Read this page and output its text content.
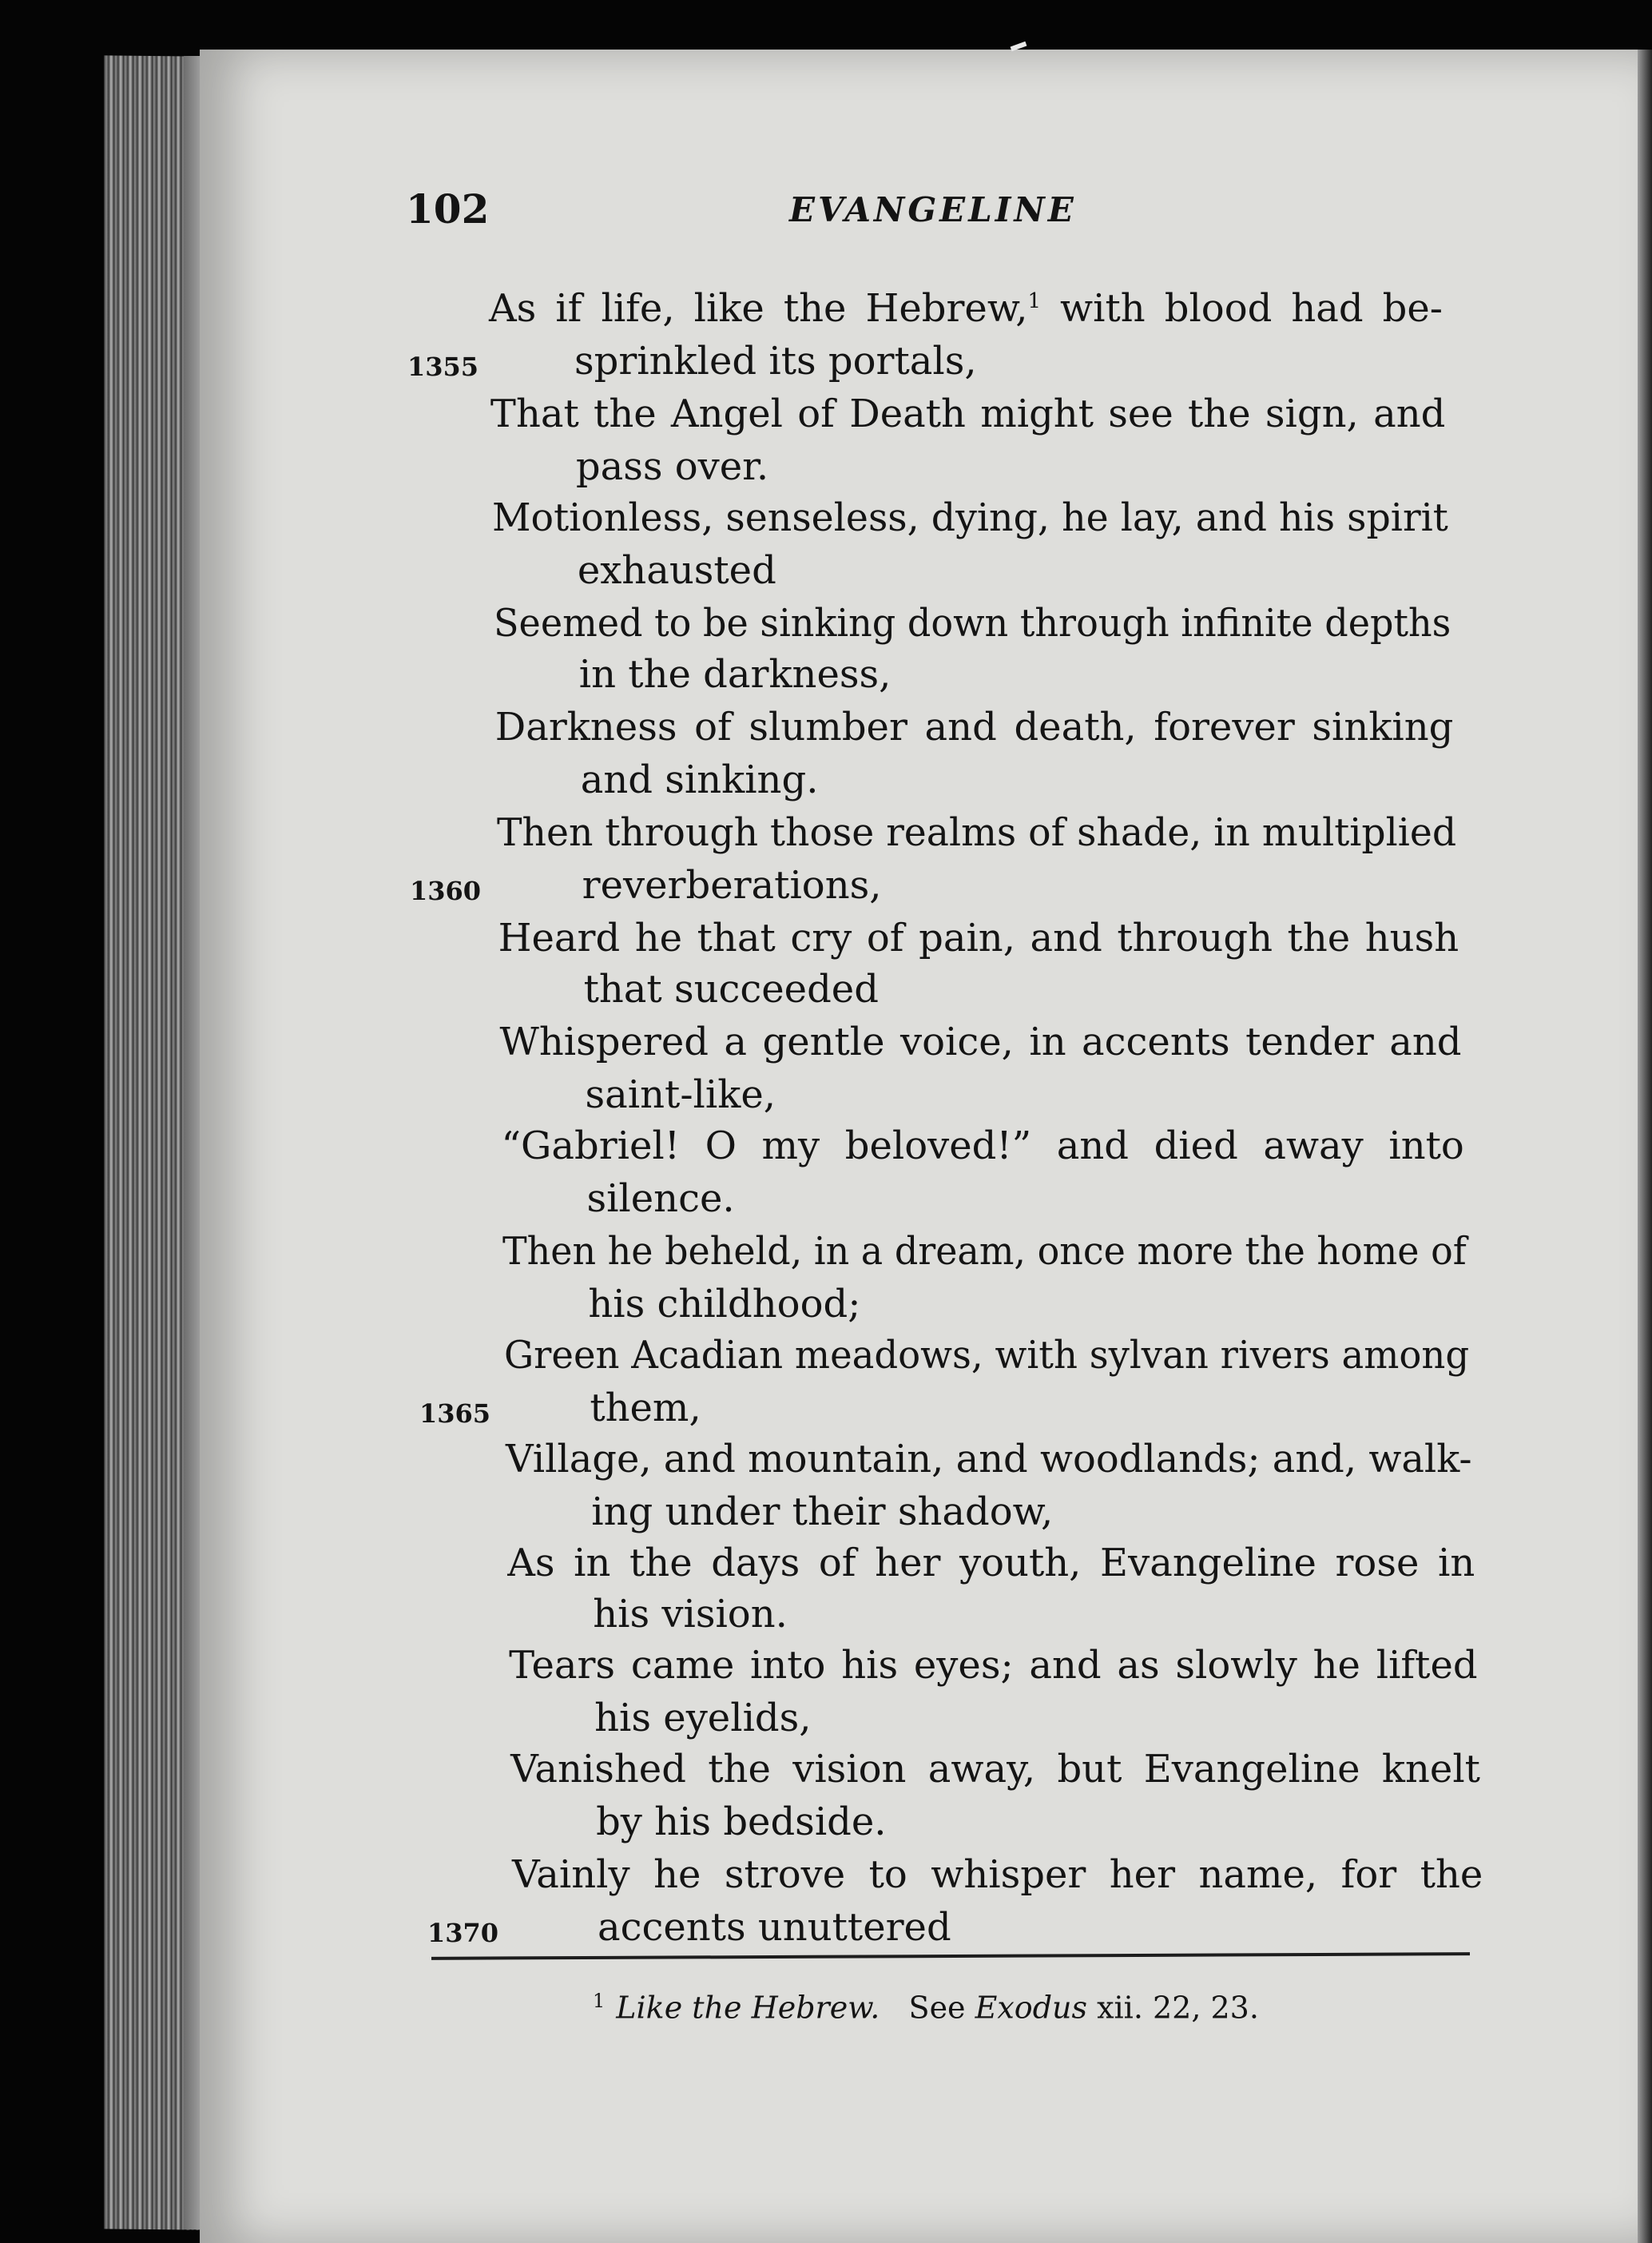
102	EVANGELINE

As if life, like the Hebrew,$^1$ with blood had be-

sprinkled its portals,

That the Angel of Death might see the sign, and

pass over.

Motionless, senseless, dying, he lay, and his spirit

exhausted

Seemed to be sinking down through infinite depths

in the darkness,

Darkness of slumber and death, forever sinking

and sinking.

Then through those realms of shade, in multiplied

reverberations,

Heard he that cry of pain, and through the hush

that succeeded

Whispered a gentle voice, in accents tender and

saint-like,

“Gabriel! O my beloved!” and died away into

silence.

Then he beheld, in a dream, once more the home of

his childhood;

Green Acadian meadows, with sylvan rivers among

them,

Village, and mountain, and woodlands; and, walk-

ing under their shadow,

As in the days of her youth, Evangeline rose in

his vision.

Tears came into his eyes; and as slowly he lifted

his eyelids,

Vanished the vision away, but Evangeline knelt

by his bedside.

Vainly he strove to whisper her name, for the

accents unuttered

1355

1360

1365

1370

$^1$ Like the Hebrew. See Exodus xii. 22, 23.
